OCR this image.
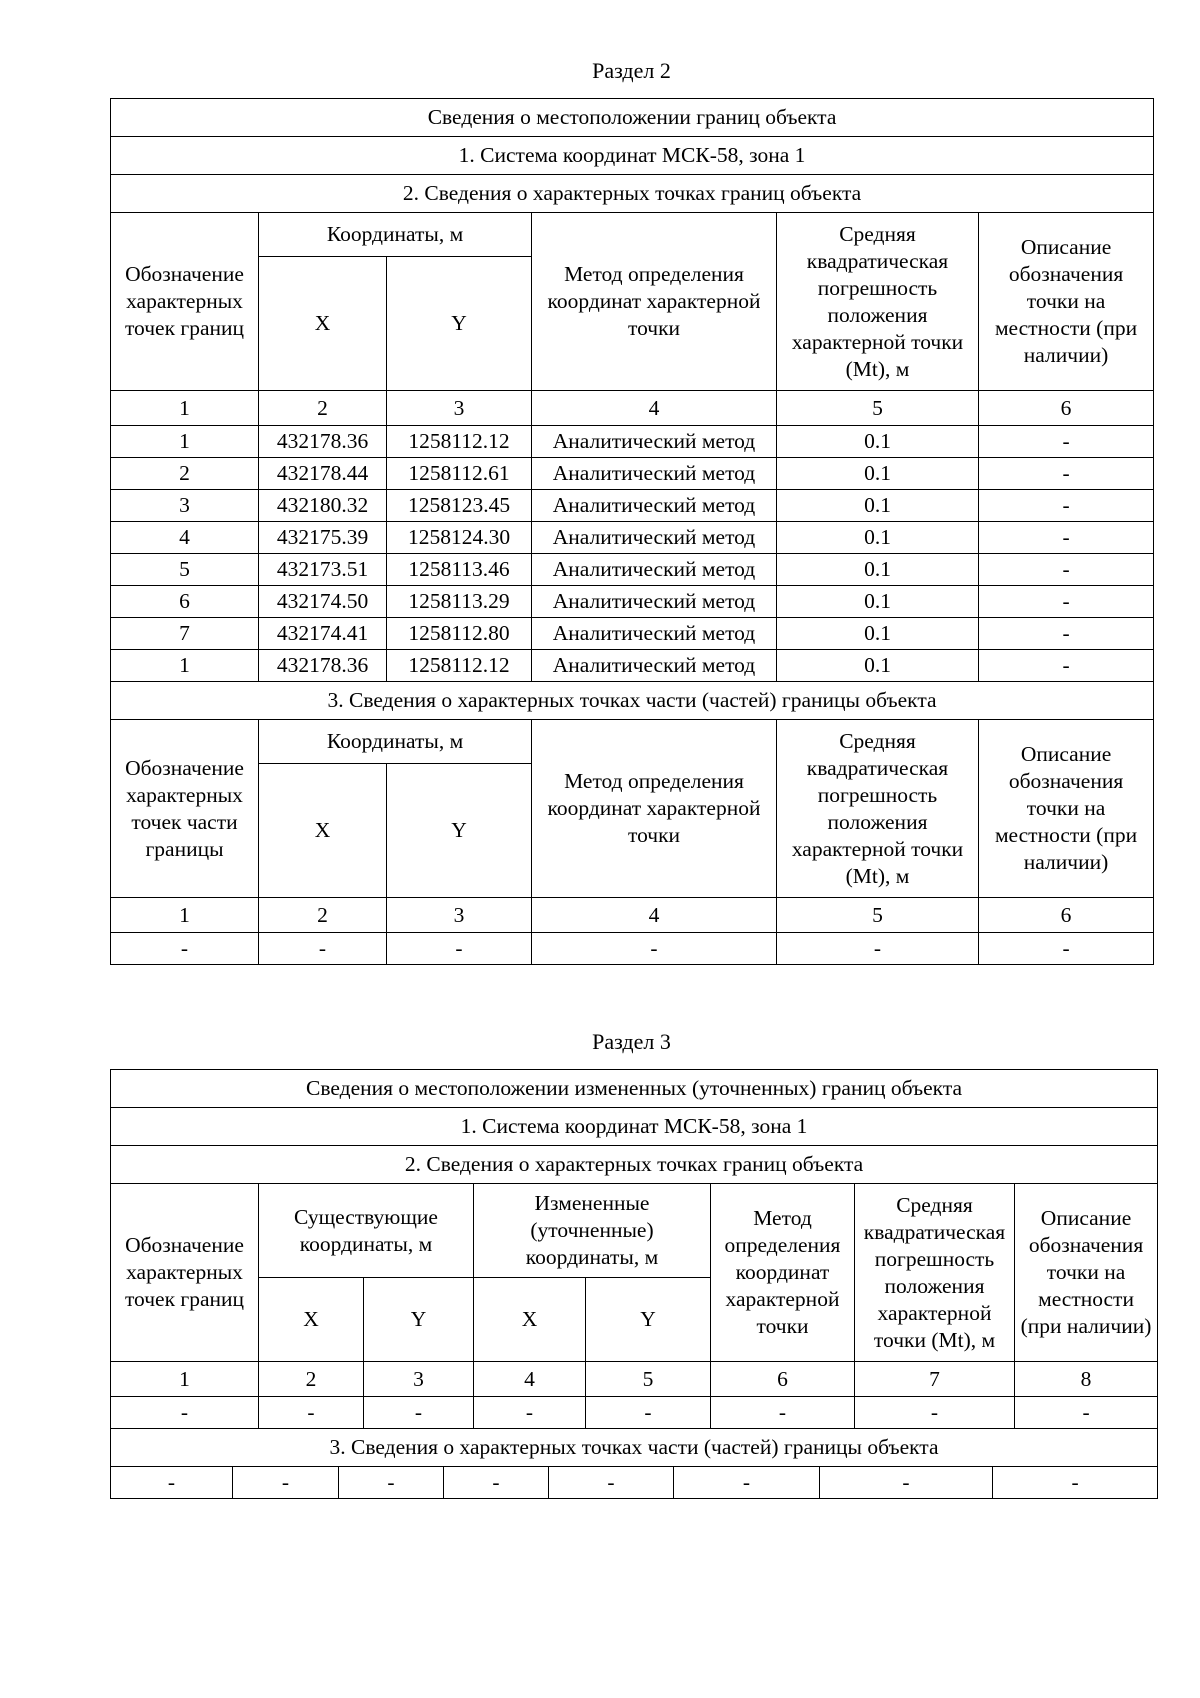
Раздел 2
Сведения о местоположении границ объекта					
1. Система координат МСК-58, зона 1					
2. Сведения о характерных точках границ объекта					
Обозначение характерных точек границ	Координаты, м		Метод определения координат характерной точки	Средняя квадратическая погрешность положения характерной точки (Mt), м	Описание обозначения точки на местности (при наличии)
	X	Y			
1	2	3	4	5	6
1	432178.36	1258112.12	Аналитический метод	0.1	-
2	432178.44	1258112.61	Аналитический метод	0.1	-
3	432180.32	1258123.45	Аналитический метод	0.1	-
4	432175.39	1258124.30	Аналитический метод	0.1	-
5	432173.51	1258113.46	Аналитический метод	0.1	-
6	432174.50	1258113.29	Аналитический метод	0.1	-
7	432174.41	1258112.80	Аналитический метод	0.1	-
1	432178.36	1258112.12	Аналитический метод	0.1	-
3. Сведения о характерных точках части (частей) границы объекта					
Обозначение характерных точек части границы	Координаты, м		Метод определения координат характерной точки	Средняя квадратическая погрешность положения характерной точки (Mt), м	Описание обозначения точки на местности (при наличии)
	X	Y			
1	2	3	4	5	6
-	-	-	-	-	-
Раздел 3
Сведения о местоположении измененных (уточненных) границ объекта															
1. Система координат МСК-58, зона 1															
2. Сведения о характерных точках границ объекта															
Обозначение характерных точек границ		Существующие координаты, м				Измененные (уточненные) координаты, м				Метод определения координат характерной точки		Средняя квадратическая погрешность положения характерной точки (Mt), м		Описание обозначения точки на местности (при наличии)	
		X		Y		X		Y							
1		2		3		4		5		6		7		8	
-		-		-		-		-		-		-		-	
3. Сведения о характерных точках части (частей) границы объекта															
-	-		-		-		-		-		-		-	
